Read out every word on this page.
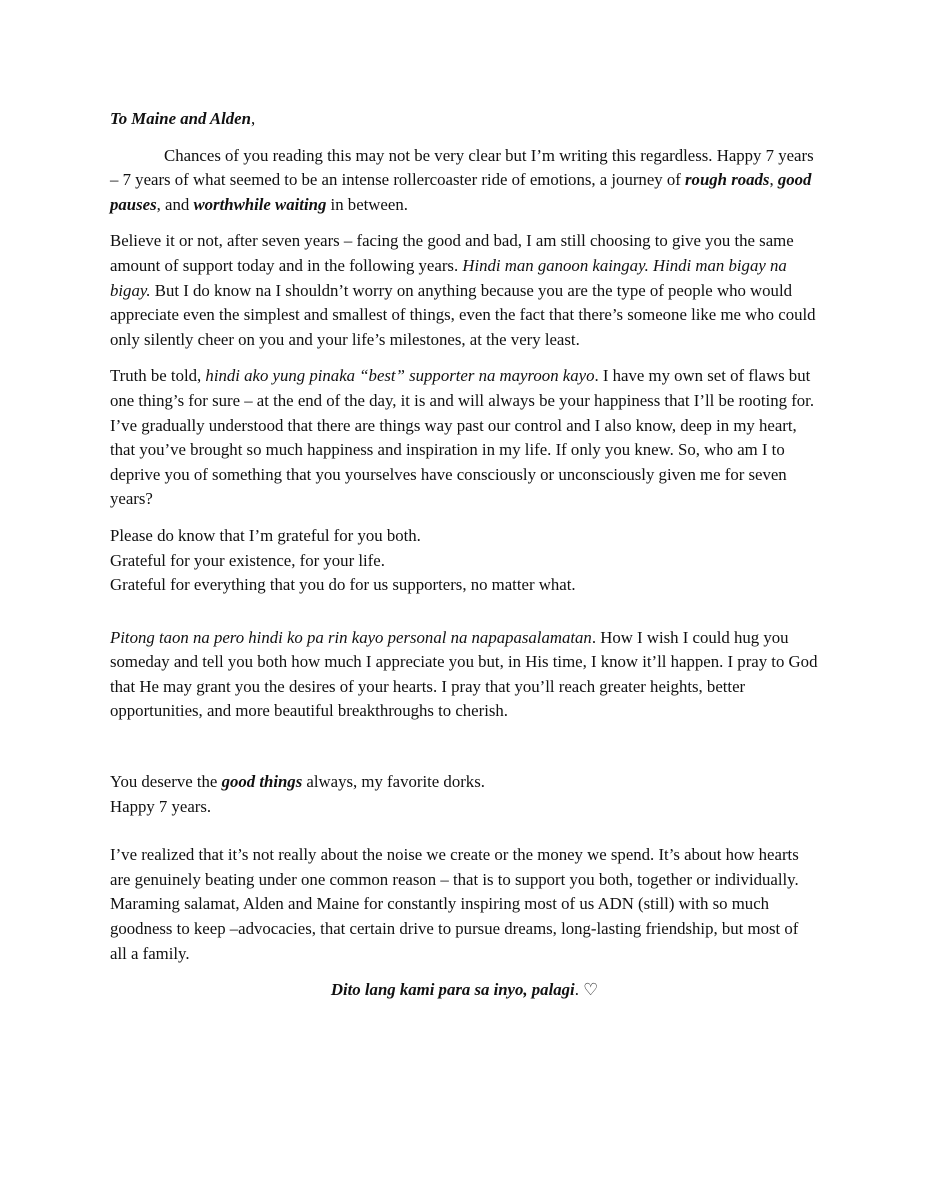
To Maine and Alden,

Chances of you reading this may not be very clear but I’m writing this regardless. Happy 7 years – 7 years of what seemed to be an intense rollercoaster ride of emotions, a journey of rough roads, good pauses, and worthwhile waiting in between.

Believe it or not, after seven years – facing the good and bad, I am still choosing to give you the same amount of support today and in the following years. Hindi man ganoon kaingay. Hindi man bigay na bigay. But I do know na I shouldn’t worry on anything because you are the type of people who would appreciate even the simplest and smallest of things, even the fact that there’s someone like me who could only silently cheer on you and your life’s milestones, at the very least.

Truth be told, hindi ako yung pinaka “best” supporter na mayroon kayo. I have my own set of flaws but one thing’s for sure – at the end of the day, it is and will always be your happiness that I’ll be rooting for. I’ve gradually understood that there are things way past our control and I also know, deep in my heart, that you’ve brought so much happiness and inspiration in my life. If only you knew. So, who am I to deprive you of something that you yourselves have consciously or unconsciously given me for seven years?

Please do know that I’m grateful for you both.
Grateful for your existence, for your life.
Grateful for everything that you do for us supporters, no matter what.

Pitong taon na pero hindi ko pa rin kayo personal na napapasalamatan. How I wish I could hug you someday and tell you both how much I appreciate you but, in His time, I know it’ll happen. I pray to God that He may grant you the desires of your hearts. I pray that you’ll reach greater heights, better opportunities, and more beautiful breakthroughs to cherish.

You deserve the good things always, my favorite dorks.
Happy 7 years.

I’ve realized that it’s not really about the noise we create or the money we spend. It’s about how hearts are genuinely beating under one common reason – that is to support you both, together or individually. Maraming salamat, Alden and Maine for constantly inspiring most of us ADN (still) with so much goodness to keep –advocacies, that certain drive to pursue dreams, long-lasting friendship, but most of all a family.

Dito lang kami para sa inyo, palagi. ♡
